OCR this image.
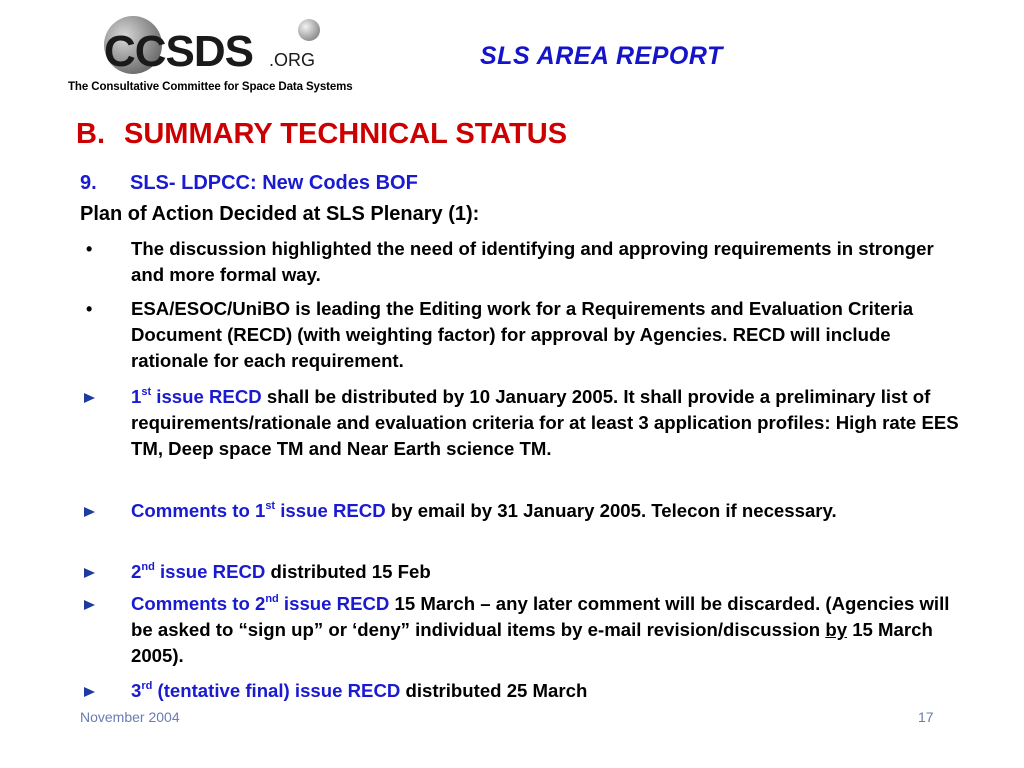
CCSDS .ORG
The Consultative Committee for Space Data Systems
SLS AREA REPORT
B. SUMMARY TECHNICAL STATUS
9. SLS- LDPCC: New Codes BOF
Plan of Action Decided at SLS Plenary (1):
•	The discussion highlighted the need of identifying and approving requirements in stronger and more formal way.
•	ESA/ESOC/UniBO is leading the Editing work for a Requirements and Evaluation Criteria Document (RECD) (with weighting factor) for approval by Agencies. RECD will include rationale for each requirement.
1st issue RECD shall be distributed by 10 January 2005. It shall provide a preliminary list of requirements/rationale and evaluation criteria for at least 3 application profiles: High rate EES TM, Deep space TM and Near Earth science TM.
Comments to 1st issue RECD by email by 31 January 2005. Telecon if necessary.
2nd issue RECD distributed 15 Feb
Comments to 2nd issue RECD 15 March – any later comment will be discarded. (Agencies will be asked to “sign up” or ‘deny” individual items by e-mail revision/discussion by 15 March 2005).
3rd (tentative final) issue RECD distributed 25 March
November 2004	17
